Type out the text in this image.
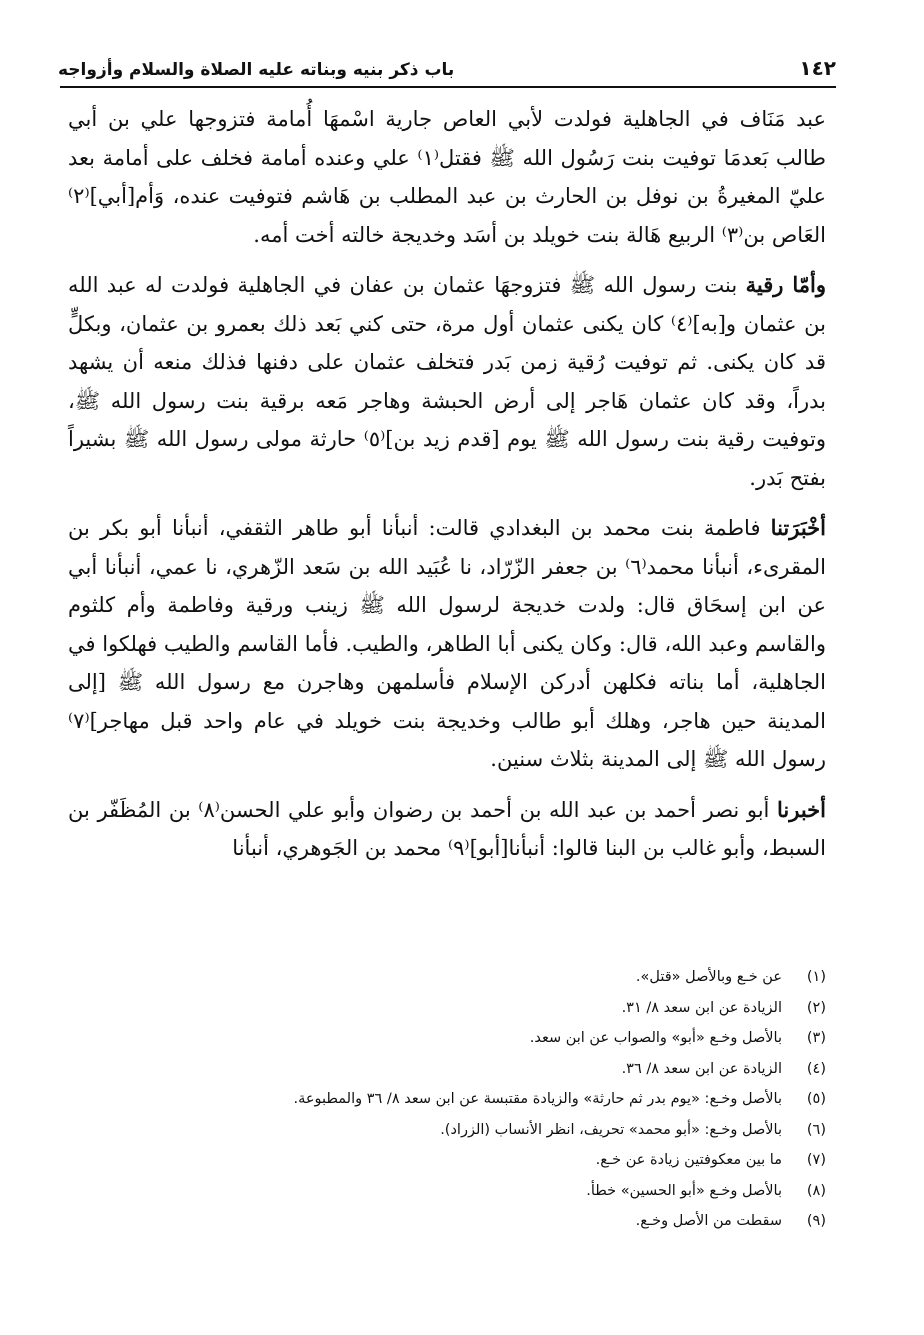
١٤٢
باب ذكر بنيه وبناته عليه الصلاة والسلام وأزواجه

عبد مَنَاف في الجاهلية فولدت لأبي العاص جارية اسْمهَا أُمامة فتزوجها علي بن أبي طالب بَعدمَا توفيت بنت رَسُول الله ﷺ فقتل⁽١⁾ علي وعنده أمامة فخلف على أمامة بعد عليّ المغيرةُ بن نوفل بن الحارث بن عبد المطلب بن هَاشم فتوفيت عنده، وَأم[أبي]⁽٢⁾ العَاص بن⁽٣⁾ الربيع هَالة بنت خويلد بن أسَد وخديجة خالته أخت أمه.

وأمّا رقية بنت رسول الله ﷺ فتزوجهَا عثمان بن عفان في الجاهلية فولدت له عبد الله بن عثمان و[به]⁽٤⁾ كان يكنى عثمان أول مرة، حتى كني بَعد ذلك بعمرو بن عثمان، وبكلٍّ قد كان يكنى. ثم توفيت رُقية زمن بَدر فتخلف عثمان على دفنها فذلك منعه أن يشهد بدراً، وقد كان عثمان هَاجر إلى أرض الحبشة وهاجر مَعه برقية بنت رسول الله ﷺ، وتوفيت رقية بنت رسول الله ﷺ يوم [قدم زيد بن]⁽٥⁾ حارثة مولى رسول الله ﷺ بشيراً بفتح بَدر.

أخْبَرَتنا فاطمة بنت محمد بن البغدادي قالت: أنبأنا أبو طاهر الثقفي، أنبأنا أبو بكر بن المقرىء، أنبأنا محمد⁽٦⁾ بن جعفر الزّرّاد، نا عُبَيد الله بن سَعد الزّهري، نا عمي، أنبأنا أبي عن ابن إسحَاق قال: ولدت خديجة لرسول الله ﷺ زينب ورقية وفاطمة وأم كلثوم والقاسم وعبد الله، قال: وكان يكنى أبا الطاهر، والطيب. فأما القاسم والطيب فهلكوا في الجاهلية، أما بناته فكلهن أدركن الإسلام فأسلمهن وهاجرن مع رسول الله ﷺ [إلى المدينة حين هاجر، وهلك أبو طالب وخديجة بنت خويلد في عام واحد قبل مهاجر]⁽٧⁾ رسول الله ﷺ إلى المدينة بثلاث سنين.

أخبرنا أبو نصر أحمد بن عبد الله بن أحمد بن رضوان وأبو علي الحسن⁽٨⁾ بن المُظَفّر بن السبط، وأبو غالب بن البنا قالوا: أنبأنا[أبو]⁽٩⁾ محمد بن الجَوهري، أنبأنا

(١)
عن خـع وبالأصل «قتل».
(٢)
الزيادة عن ابن سعد ٨/ ٣١.
(٣)
بالأصل وخـع «أبو» والصواب عن ابن سعد.
(٤)
الزيادة عن ابن سعد ٨/ ٣٦.
(٥)
بالأصل وخـع: «يوم بدر ثم حارثة» والزيادة مقتبسة عن ابن سعد ٨/ ٣٦ والمطبوعة.
(٦)
بالأصل وخـع: «أبو محمد» تحريف، انظر الأنساب (الزراد).
(٧)
ما بين معكوفتين زيادة عن خـع.
(٨)
بالأصل وخـع «أبو الحسين» خطأ.
(٩)
سقطت من الأصل وخـع.
